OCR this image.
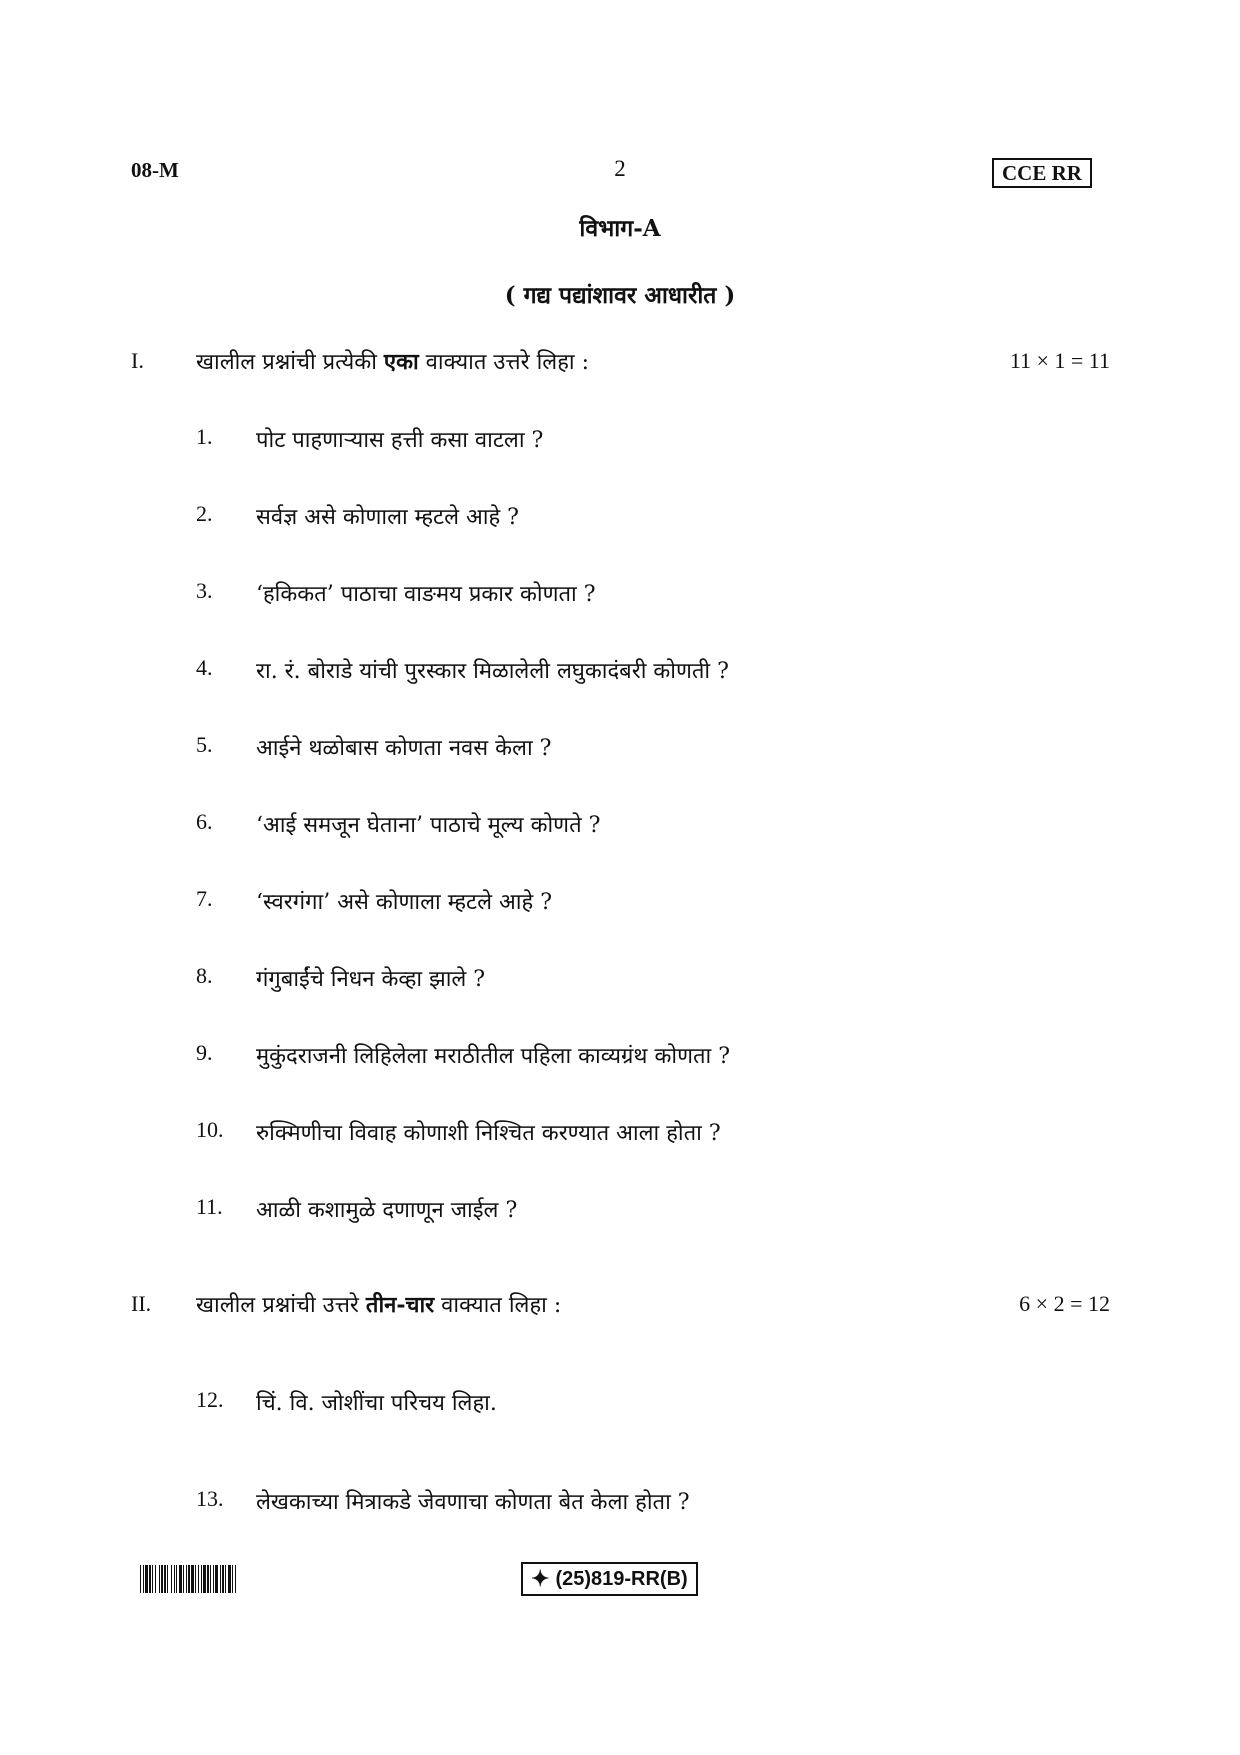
08-M	2	CCE RR
विभाग-A
( गद्य पद्यांशावर आधारीत )
I. खालील प्रश्नांची प्रत्येकी एका वाक्यात उत्तरे लिहा :	11 × 1 = 11
1.	पोट पाहणाऱ्यास हत्ती कसा वाटला ?
2.	सर्वज्ञ असे कोणाला म्हटले आहे ?
3.	‘हकिकत’ पाठाचा वाङमय प्रकार कोणता ?
4.	रा. रं. बोराडे यांची पुरस्कार मिळालेली लघुकादंबरी कोणती ?
5.	आईने थळोबास कोणता नवस केला ?
6.	‘आई समजून घेताना’ पाठाचे मूल्य कोणते ?
7.	‘स्वरगंगा’ असे कोणाला म्हटले आहे ?
8.	गंगुबाईंचे निधन केव्हा झाले ?
9.	मुकुंदराजनी लिहिलेला मराठीतील पहिला काव्यग्रंथ कोणता ?
10.	रुक्मिणीचा विवाह कोणाशी निश्चित करण्यात आला होता ?
11.	आळी कशामुळे दणाणून जाईल ?
II. खालील प्रश्नांची उत्तरे तीन-चार वाक्यात लिहा :	6 × 2 = 12
12.	चिं. वि. जोशींचा परिचय लिहा.
13.	लेखकाच्या मित्राकडे जेवणाचा कोणता बेत केला होता ?
✦ (25)819-RR(B)
